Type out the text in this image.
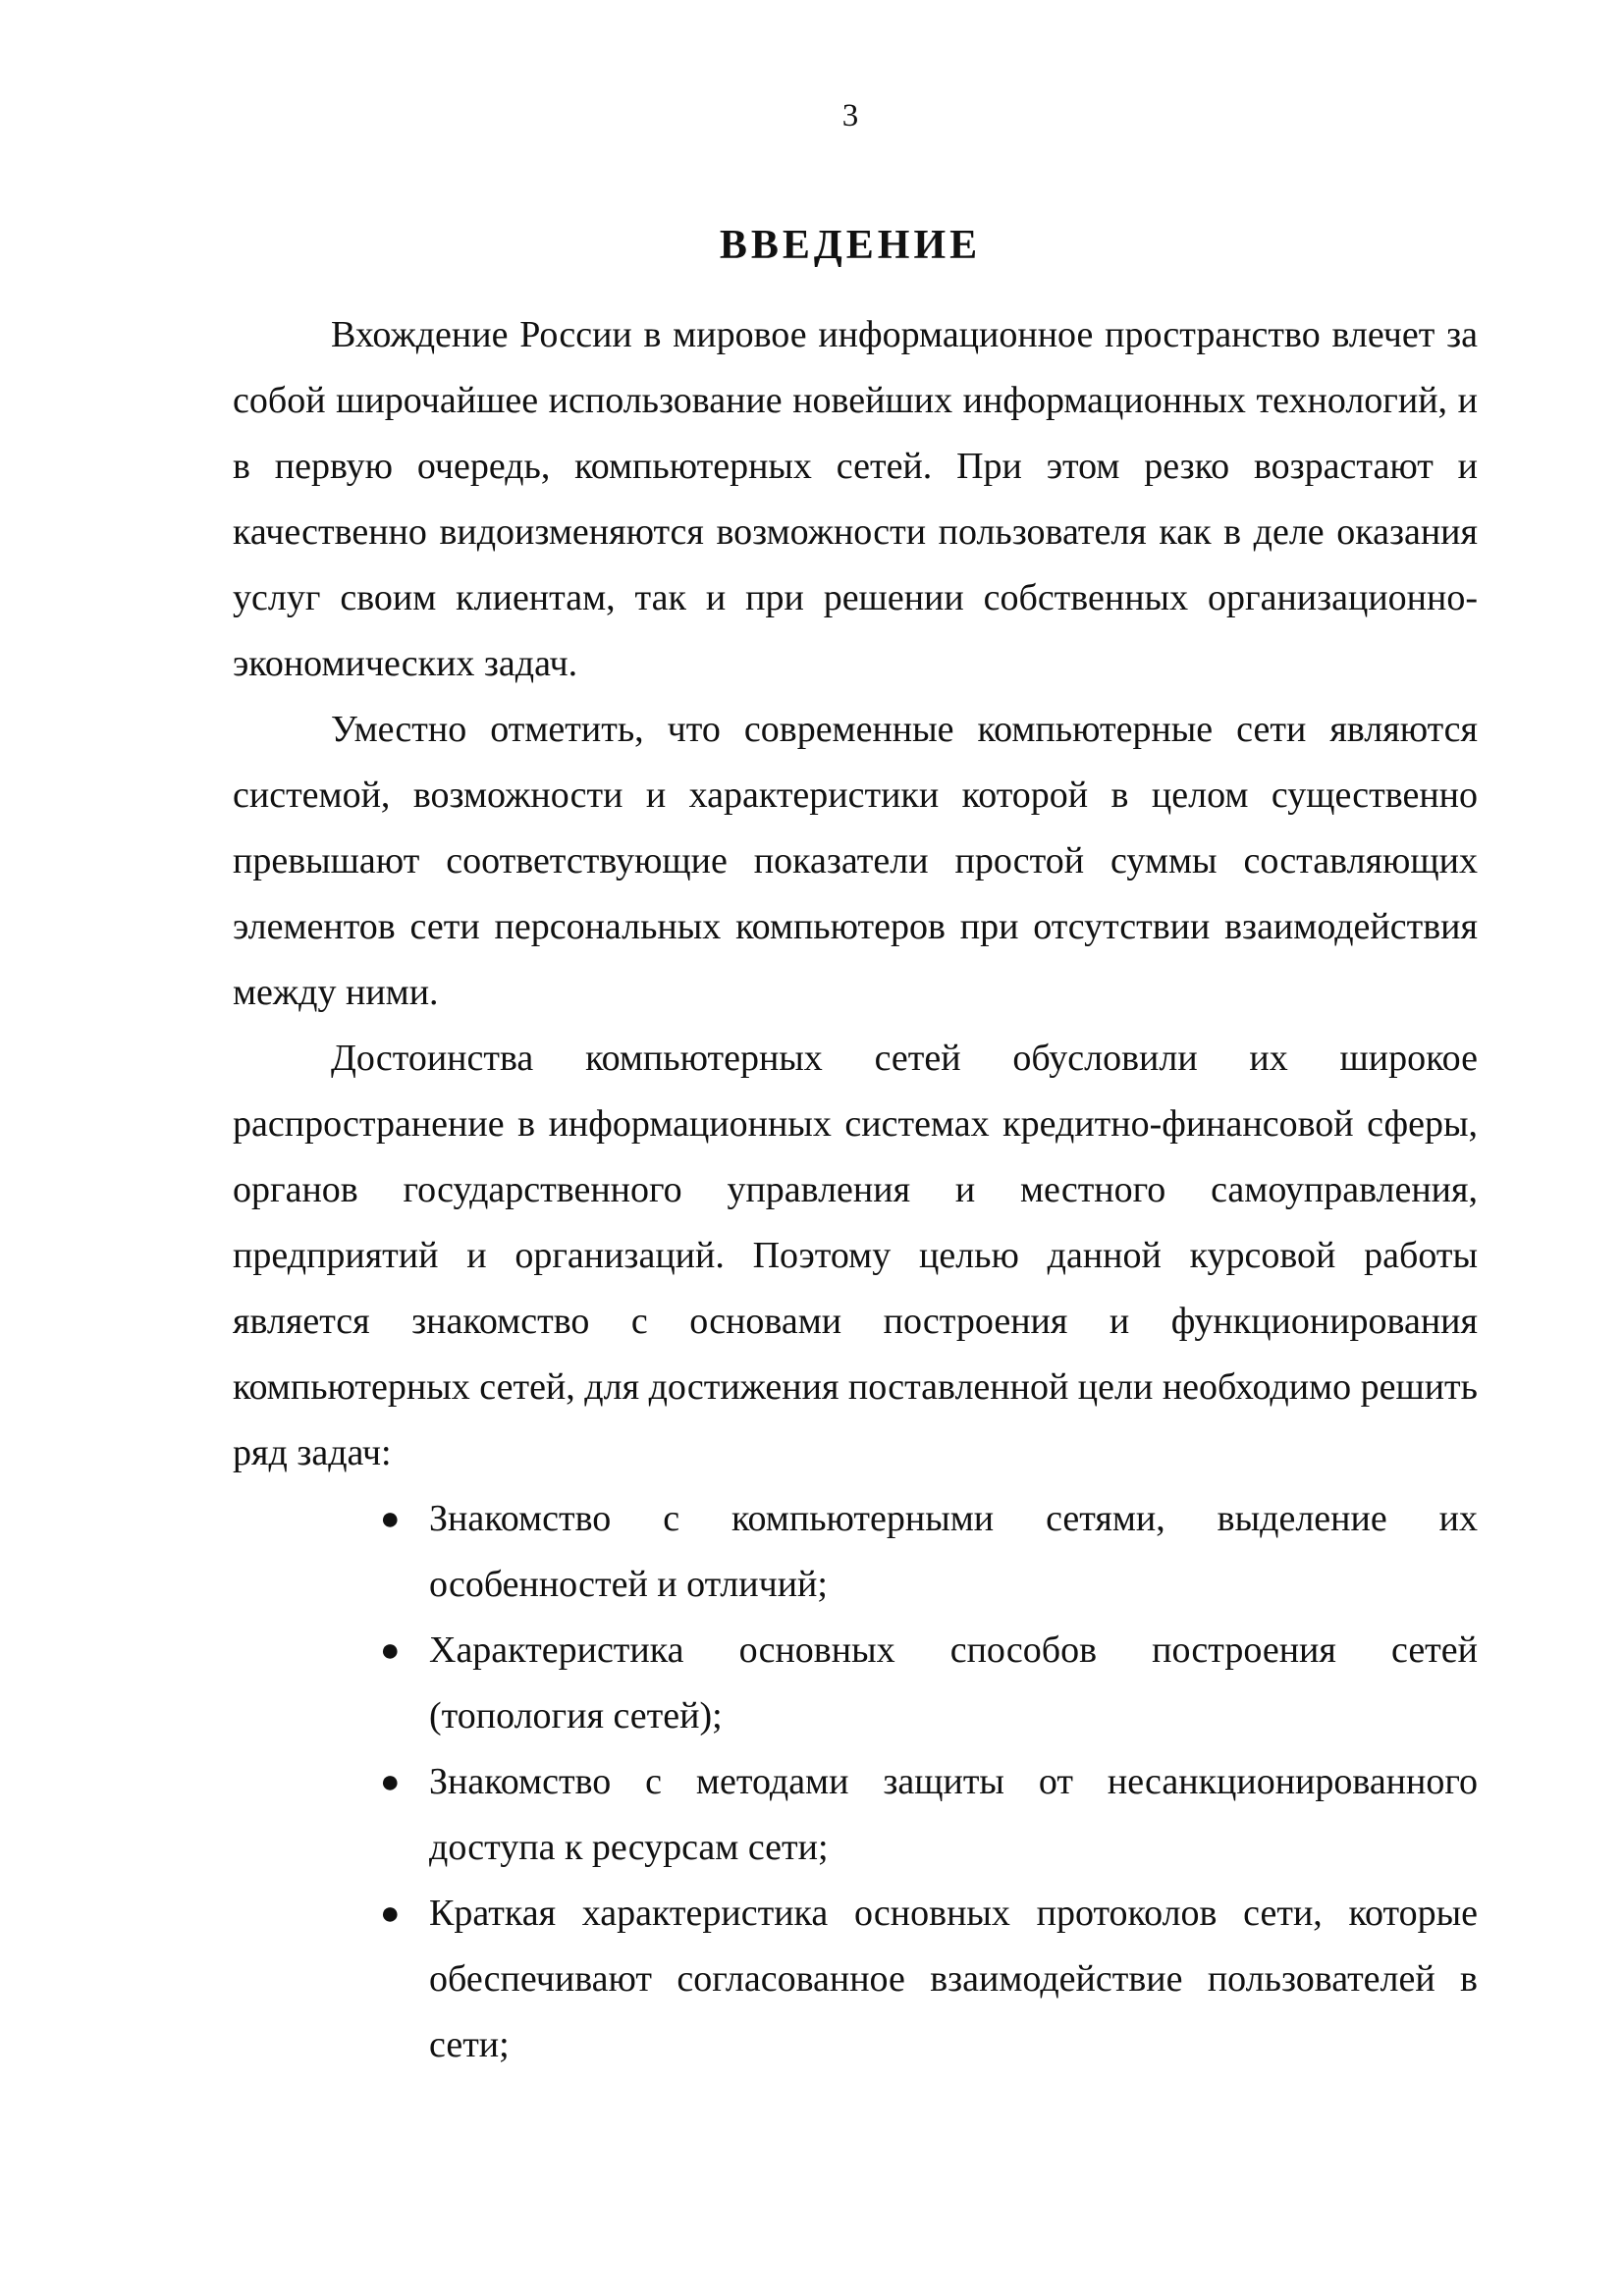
3
ВВЕДЕНИЕ

Вхождение России в мировое информационное пространство влечет за собой широчайшее использование новейших информационных технологий, и в первую очередь, компьютерных сетей. При этом резко возрастают и качественно видоизменяются возможности пользователя как в деле оказания услуг своим клиентам, так и при решении собственных организационно-экономических задач.

Уместно отметить, что современные компьютерные сети являются системой, возможности и характеристики которой в целом существенно превышают соответствующие показатели простой суммы составляющих элементов сети персональных компьютеров при отсутствии взаимодействия между ними.

Достоинства компьютерных сетей обусловили их широкое распространение в информационных системах кредитно-финансовой сферы, органов государственного управления и местного самоуправления, предприятий и организаций. Поэтому целью данной курсовой работы является знакомство с основами построения и функционирования компьютерных сетей, для достижения поставленной цели необходимо решить ряд задач:

● Знакомство с компьютерными сетями, выделение их особенностей и отличий;
● Характеристика основных способов построения сетей (топология сетей);
● Знакомство с методами защиты от несанкционированного доступа к ресурсам сети;
● Краткая характеристика основных протоколов сети, которые обеспечивают согласованное взаимодействие пользователей в сети;
